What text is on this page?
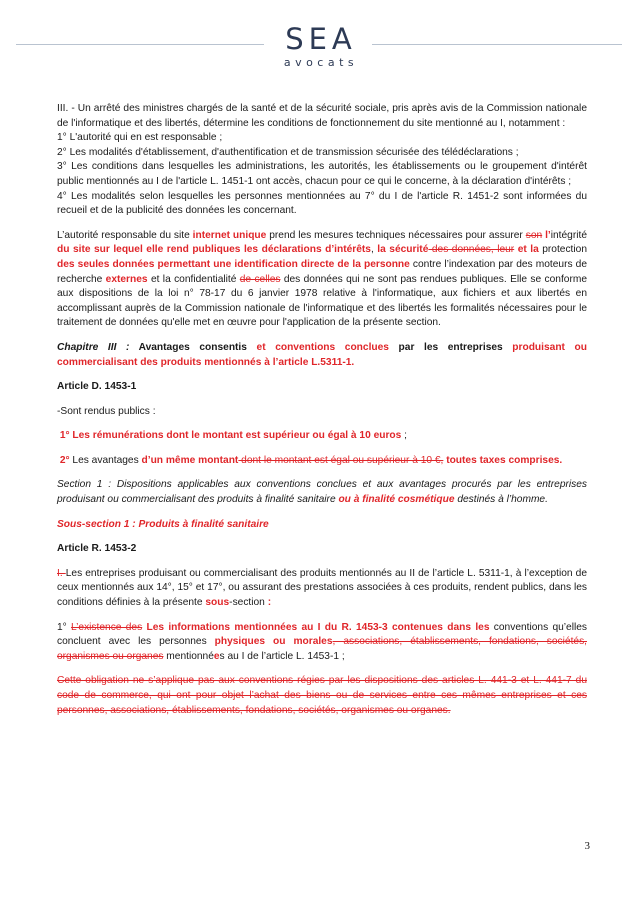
SEA
avocats

III. - Un arrêté des ministres chargés de la santé et de la sécurité sociale, pris après avis de la Commission nationale de l'informatique et des libertés, détermine les conditions de fonctionnement du site mentionné au I, notamment :
1° L'autorité qui en est responsable ;
2° Les modalités d'établissement, d'authentification et de transmission sécurisée des télédéclarations ;
3° Les conditions dans lesquelles les administrations, les autorités, les établissements ou le groupement d'intérêt public mentionnés au I de l'article L. 1451-1 ont accès, chacun pour ce qui le concerne, à la déclaration d'intérêts ;
4° Les modalités selon lesquelles les personnes mentionnées au 7° du I de l'article R. 1451-2 sont informées du recueil et de la publicité des données les concernant.

L’autorité responsable du site internet unique prend les mesures techniques nécessaires pour assurer son l’intégrité du site sur lequel elle rend publiques les déclarations d’intérêts, la sécurité des données, leur et la protection des seules données permettant une identification directe de la personne contre l’indexation par des moteurs de recherche externes et la confidentialité de celles des données qui ne sont pas rendues publiques. Elle se conforme aux dispositions de la loi n° 78-17 du 6 janvier 1978 relative à l'informatique, aux fichiers et aux libertés en accomplissant auprès de la Commission nationale de l'informatique et des libertés les formalités nécessaires pour le traitement de données qu'elle met en œuvre pour l'application de la présente section.

Chapitre III : Avantages consentis et conventions conclues par les entreprises produisant ou commercialisant des produits mentionnés à l’article L.5311-1.

Article D. 1453-1

-Sont rendus publics :

1° Les rémunérations dont le montant est supérieur ou égal à 10 euros ;

2° Les avantages d’un même montant dont le montant est égal ou supérieur à 10 €, toutes taxes comprises.

Section 1 : Dispositions applicables aux conventions conclues et aux avantages procurés par les entreprises produisant ou commercialisant des produits à finalité sanitaire ou à finalité cosmétique destinés à l’homme.

Sous-section 1 : Produits à finalité sanitaire

Article R. 1453-2

I. Les entreprises produisant ou commercialisant des produits mentionnés au II de l’article L. 5311-1, à l’exception de ceux mentionnés aux 14°, 15° et 17°, ou assurant des prestations associées à ces produits, rendent publics, dans les conditions définies à la présente sous-section :

1° L’existence des Les informations mentionnées au I du R. 1453-3 contenues dans les conventions qu’elles concluent avec les personnes physiques ou morales, associations, établissements, fondations, sociétés, organismes ou organes mentionnées au I de l’article L. 1453-1 ;

Cette obligation ne s’applique pas aux conventions régies par les dispositions des articles L. 441-3 et L. 441-7 du code de commerce, qui ont pour objet l’achat des biens ou de services entre ces mêmes entreprises et ces personnes, associations, établissements, fondations, sociétés, organismes ou organes.

3
